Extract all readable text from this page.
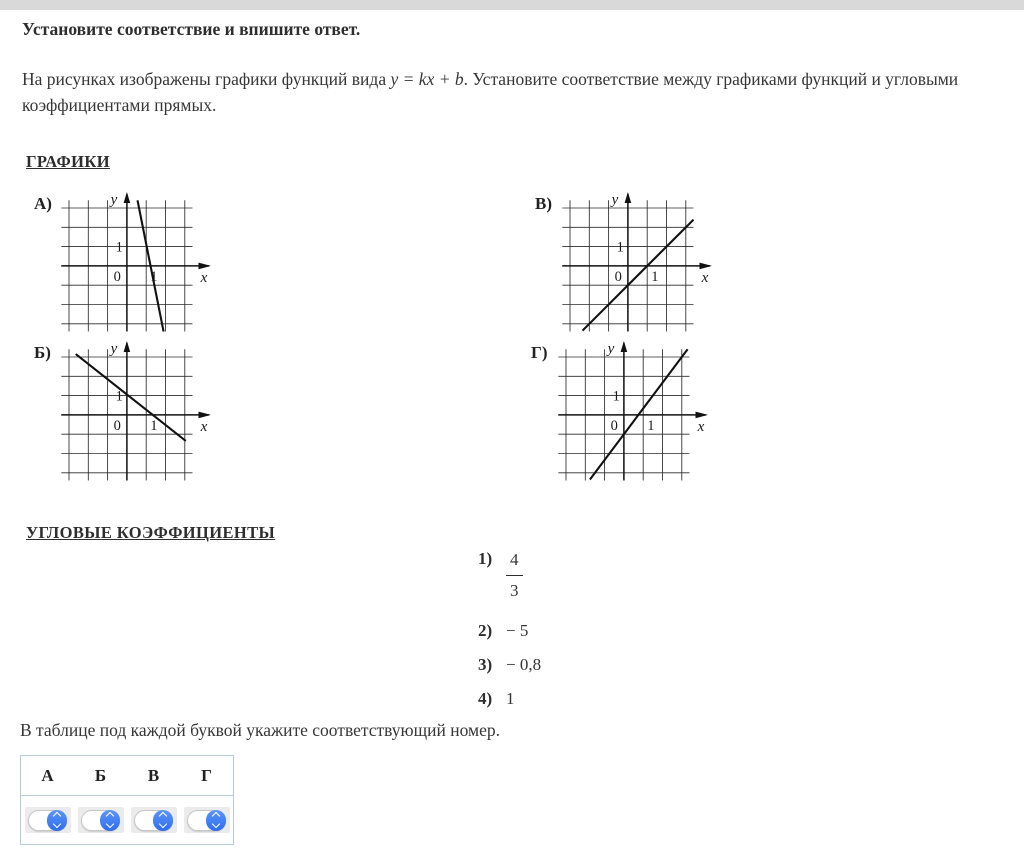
Установите соответствие и впишите ответ.

На рисунках изображены графики функций вида y = kx + b. Установите соответствие между графиками функций и угловыми коэффициентами прямых.

ГРАФИКИ
А)	y
x
1
0 1
В)	y
x
1
0 1
Б)	y
x
1
0 1
Г)	y
x
1
0 1
УГЛОВЫЕ КОЭФФИЦИЕНТЫ
$1) \frac{4}{3}$
2) − 5
3) − 0,8
4) 1

В таблице под каждой буквой укажите соответствующий номер.

А	Б	В	Г
